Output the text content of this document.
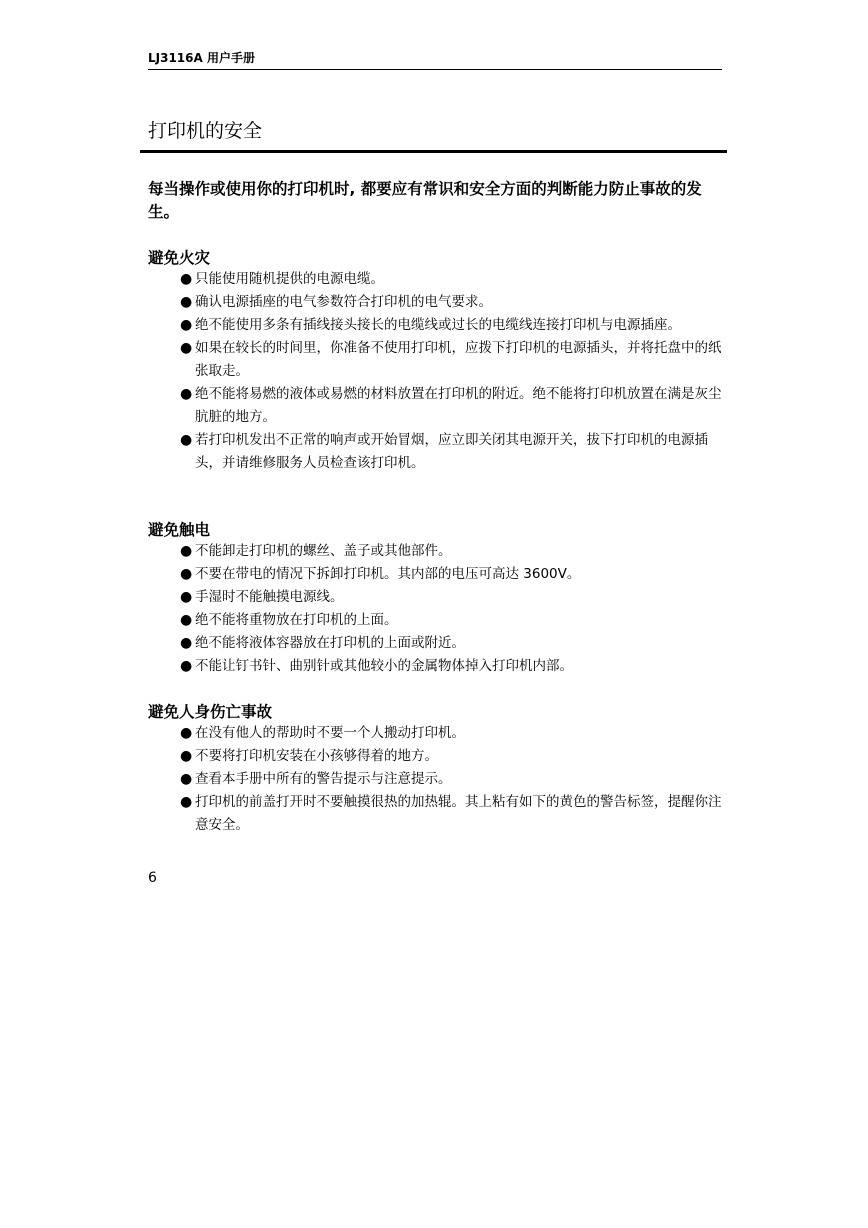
LJ3116A 用户手册
打印机的安全
每当操作或使用你的打印机时, 都要应有常识和安全方面的判断能力防止事故的发生。
避免火灾
● 只能使用随机提供的电源电缆。
● 确认电源插座的电气参数符合打印机的电气要求。
● 绝不能使用多条有插线接头接长的电缆线或过长的电缆线连接打印机与电源插座。
● 如果在较长的时间里，你准备不使用打印机，应拨下打印机的电源插头，并将托盘中的纸张取走。
● 绝不能将易燃的液体或易燃的材料放置在打印机的附近。绝不能将打印机放置在满是灰尘肮脏的地方。
● 若打印机发出不正常的响声或开始冒烟，应立即关闭其电源开关，拔下打印机的电源插头，并请维修服务人员检查该打印机。
避免触电
● 不能卸走打印机的螺丝、盖子或其他部件。
● 不要在带电的情况下拆卸打印机。其内部的电压可高达 3600V。
● 手湿时不能触摸电源线。
● 绝不能将重物放在打印机的上面。
● 绝不能将液体容器放在打印机的上面或附近。
● 不能让钉书针、曲别针或其他较小的金属物体掉入打印机内部。
避免人身伤亡事故
● 在没有他人的帮助时不要一个人搬动打印机。
● 不要将打印机安装在小孩够得着的地方。
● 查看本手册中所有的警告提示与注意提示。
● 打印机的前盖打开时不要触摸很热的加热辊。其上粘有如下的黄色的警告标签，提醒你注意安全。
6
